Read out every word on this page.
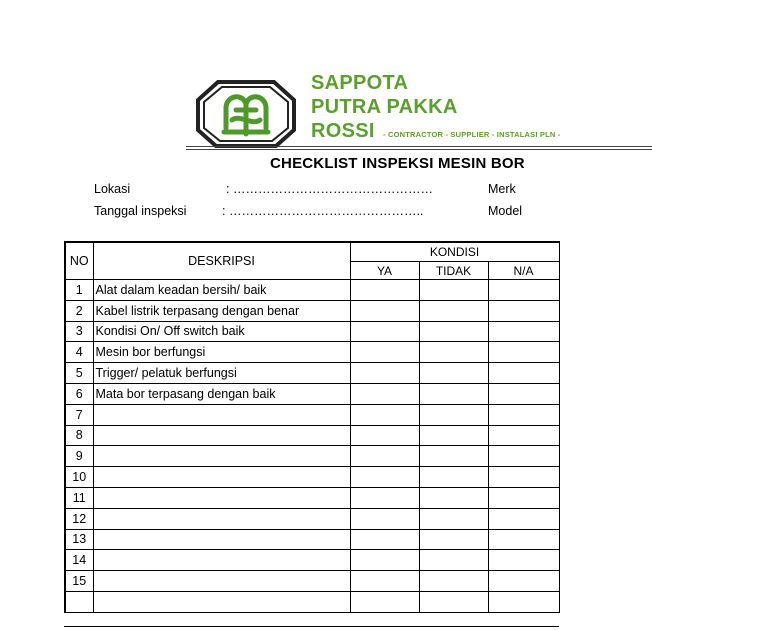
SAPPOTA
PUTRA PAKKA
ROSSI - CONTRACTOR - SUPPLIER - INSTALASI PLN -
CHECKLIST INSPEKSI MESIN BOR
Lokasi	: …………………………………………	Merk
Tanggal inspeksi	: ………………………………………..	Model
NO	DESKRIPSI	KONDISI		
		YA	TIDAK	N/A
1	Alat dalam keadan bersih/ baik			
2	Kabel listrik terpasang dengan benar			
3	Kondisi On/ Off switch baik			
4	Mesin bor berfungsi			
5	Trigger/ pelatuk berfungsi			
6	Mata bor terpasang dengan baik			
7				
8				
9				
10				
11				
12				
13				
14				
15				
